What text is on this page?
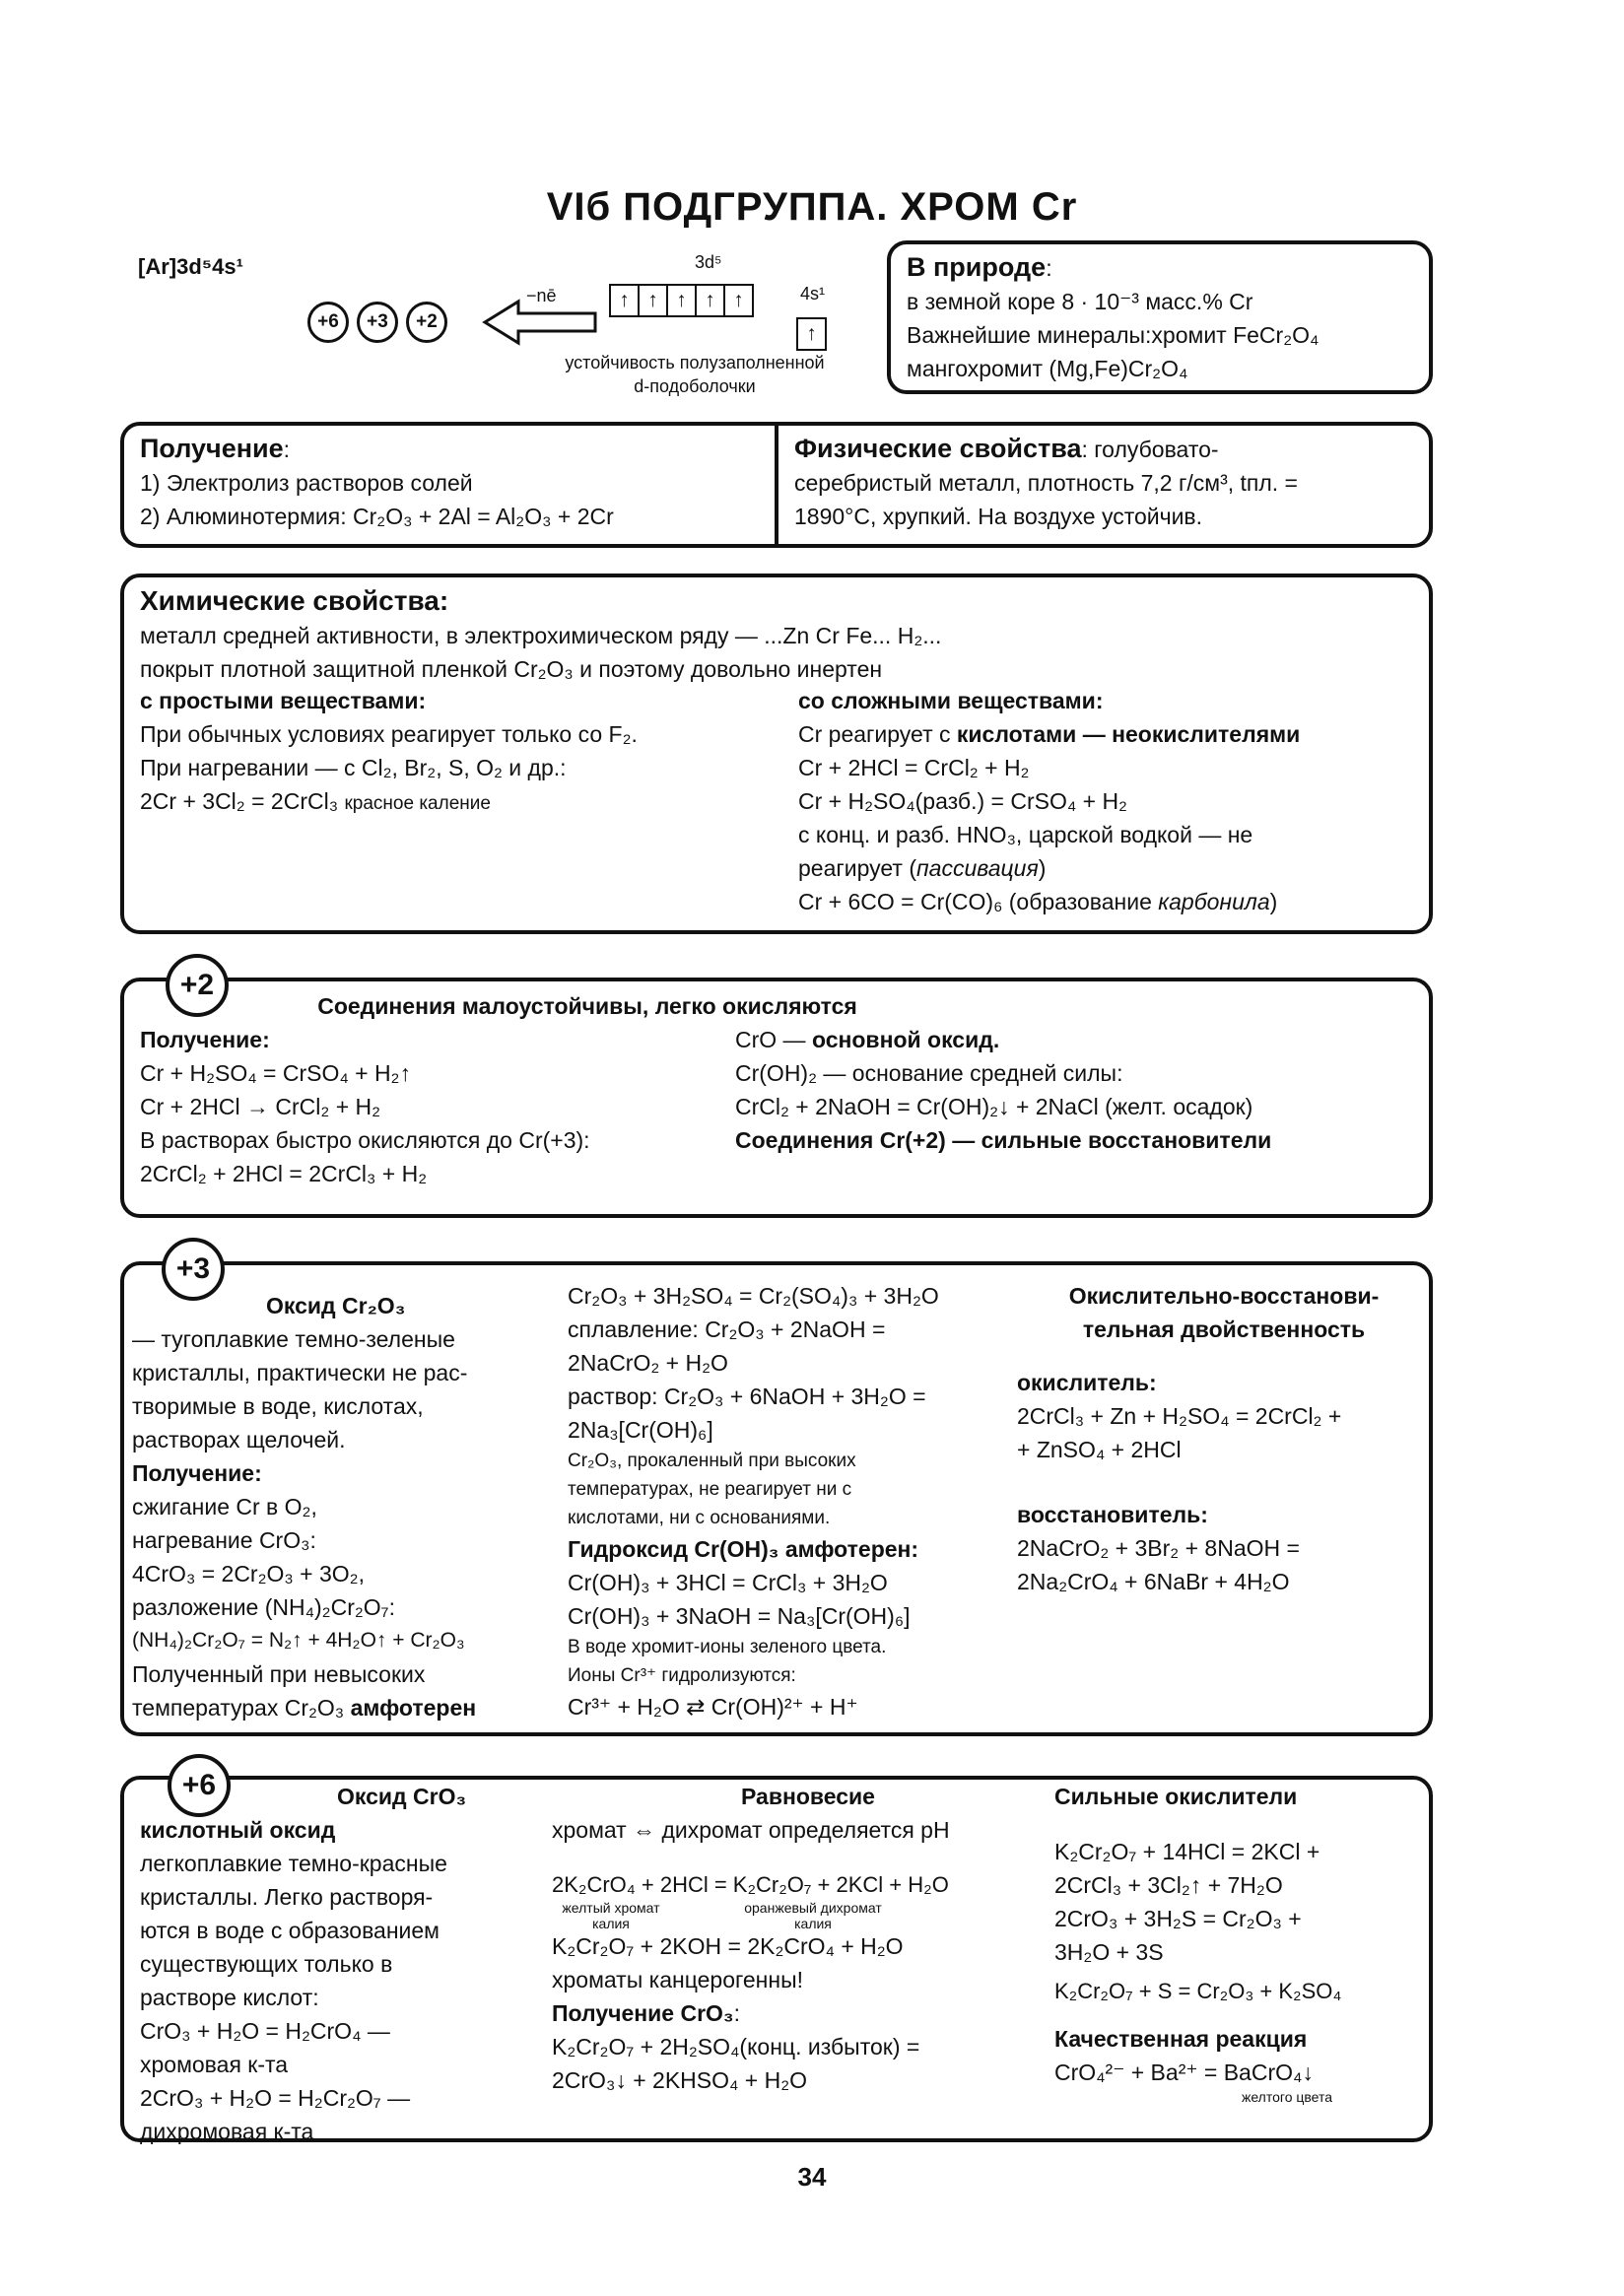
VIб ПОДГРУППА. ХРОМ Cr
[Ar]3d⁵4s¹
+6	+3	+2
−nē
3d⁵
↑ ↑ ↑ ↑ ↑	4s¹
↑
устойчивость полузаполненной
d-подоболочки
В природе:
в земной коре 8 · 10⁻³ масс.% Cr
Важнейшие минералы:хромит FeCr₂O₄
мангохромит (Mg,Fe)Cr₂O₄
Получение:
1) Электролиз растворов солей
2) Алюминотермия: Cr₂O₃ + 2Al = Al₂O₃ + 2Cr
Физические свойства: голубовато-
серебристый металл, плотность 7,2 г/см³, tпл. =
1890°C, хрупкий. На воздухе устойчив.
Химические свойства:
металл средней активности, в электрохимическом ряду — ...Zn Cr Fe... H₂...
покрыт плотной защитной пленкой Cr₂O₃ и поэтому довольно инертен
с простыми веществами:
При обычных условиях реагирует только со F₂.
При нагревании — с Cl₂, Br₂, S, O₂ и др.:
2Cr + 3Cl₂ = 2CrCl₃ красное каление
со сложными веществами:
Cr реагирует с кислотами — неокислителями
Cr + 2HCl = CrCl₂ + H₂
Cr + H₂SO₄(разб.) = CrSO₄ + H₂
с конц. и разб. HNO₃, царской водкой — не
реагирует (пассивация)
Cr + 6CO = Cr(CO)₆ (образование карбонила)
Соединения малоустойчивы, легко окисляются
Получение:
Cr + H₂SO₄ = CrSO₄ + H₂↑
Cr + 2HCl → CrCl₂ + H₂
В растворах быстро окисляются до Cr(+3):
2CrCl₂ + 2HCl = 2CrCl₃ + H₂
CrO — основной оксид.
Cr(OH)₂ — основание средней силы:
CrCl₂ + 2NaOH = Cr(OH)₂↓ + 2NaCl (желт. осадок)
Соединения Cr(+2) — сильные восстановители
+2
Оксид Cr₂O₃
— тугоплавкие темно-зеленые
кристаллы, практически не рас-
творимые в воде, кислотах,
растворах щелочей.
Получение:
сжигание Cr в O₂,
нагревание CrO₃:
4CrO₃ = 2Cr₂O₃ + 3O₂,
разложение (NH₄)₂Cr₂O₇:
(NH₄)₂Cr₂O₇ = N₂↑ + 4H₂O↑ + Cr₂O₃
Полученный при невысоких
температурах Cr₂O₃ амфотерен
Cr₂O₃ + 3H₂SO₄ = Cr₂(SO₄)₃ + 3H₂O
сплавление: Cr₂O₃ + 2NaOH =
2NaCrO₂ + H₂O
раствор: Cr₂O₃ + 6NaOH + 3H₂O =
2Na₃[Cr(OH)₆]
Cr₂O₃, прокаленный при высоких
температурах, не реагирует ни с
кислотами, ни с основаниями.
Гидроксид Cr(OH)₃ амфотерен:
Cr(OH)₃ + 3HCl = CrCl₃ + 3H₂O
Cr(OH)₃ + 3NaOH = Na₃[Cr(OH)₆]
В воде хромит-ионы зеленого цвета.
Ионы Cr³⁺ гидролизуются:
Cr³⁺ + H₂O ⇄ Cr(OH)²⁺ + H⁺
Окислительно-восстанови-
тельная двойственность
окислитель:
2CrCl₃ + Zn + H₂SO₄ = 2CrCl₂ +
+ ZnSO₄ + 2HCl
восстановитель:
2NaCrO₂ + 3Br₂ + 8NaOH =
2Na₂CrO₄ + 6NaBr + 4H₂O
+3
Оксид CrO₃
кислотный оксид
легкоплавкие темно-красные
кристаллы. Легко растворя-
ются в воде с образованием
существующих только в
растворе кислот:
CrO₃ + H₂O = H₂CrO₄ —
хромовая к-та
2CrO₃ + H₂O = H₂Cr₂O₇ —
дихромовая к-та
Равновесие
хромат ⇔ дихромат определяется pH
2K₂CrO₄ + 2HCl = K₂Cr₂O₇ + 2KCl + H₂O
желтый хромат калия
оранжевый дихромат калия
K₂Cr₂O₇ + 2KOH = 2K₂CrO₄ + H₂O
хроматы канцерогенны!
Получение CrO₃:
K₂Cr₂O₇ + 2H₂SO₄(конц. избыток) =
2CrO₃↓ + 2KHSO₄ + H₂O
Сильные окислители
K₂Cr₂O₇ + 14HCl = 2KCl +
2CrCl₃ + 3Cl₂↑ + 7H₂O
2CrO₃ + 3H₂S = Cr₂O₃ +
3H₂O + 3S
K₂Cr₂O₇ + S = Cr₂O₃ + K₂SO₄
Качественная реакция
CrO₄²⁻ + Ba²⁺ = BaCrO₄↓
желтого цвета
+6
34
